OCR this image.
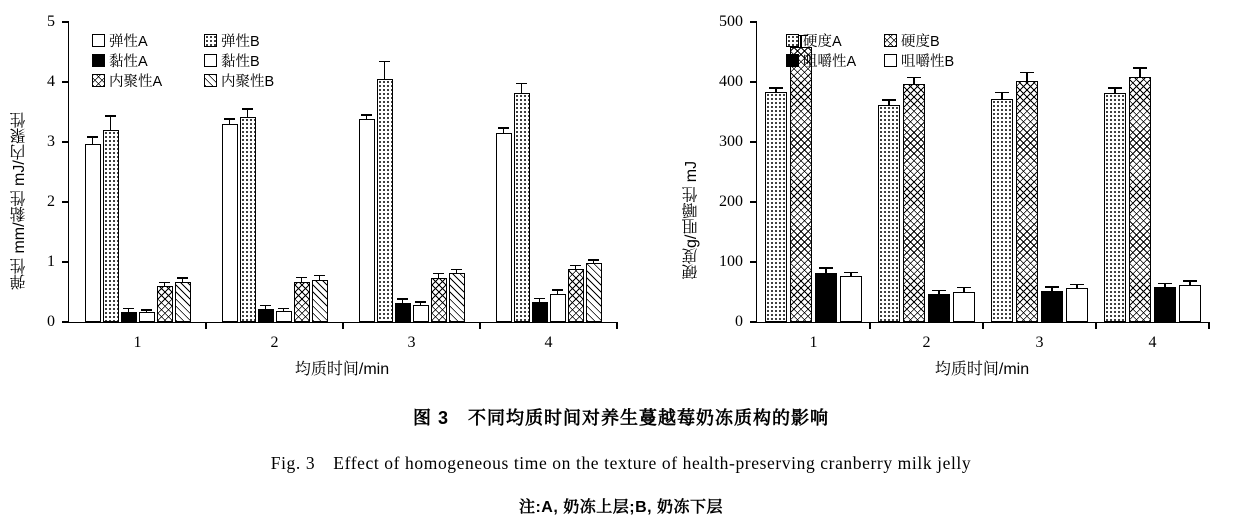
弹性 mm/黏性 mJ/内聚性
0
1
2
3
4
5
1	2	3	4
均质时间/min
弹性A	弹性B
黏性A	黏性B
内聚性A	内聚性B
硬度g/咀嚼性 mJ
0
100
200
300
400
500
1	2	3	4
均质时间/min
硬度A	硬度B
咀嚼性A	咀嚼性B
图 3　不同均质时间对养生蔓越莓奶冻质构的影响
Fig. 3　Effect of homogeneous time on the texture of health-preserving cranberry milk jelly
注:A, 奶冻上层;B, 奶冻下层
